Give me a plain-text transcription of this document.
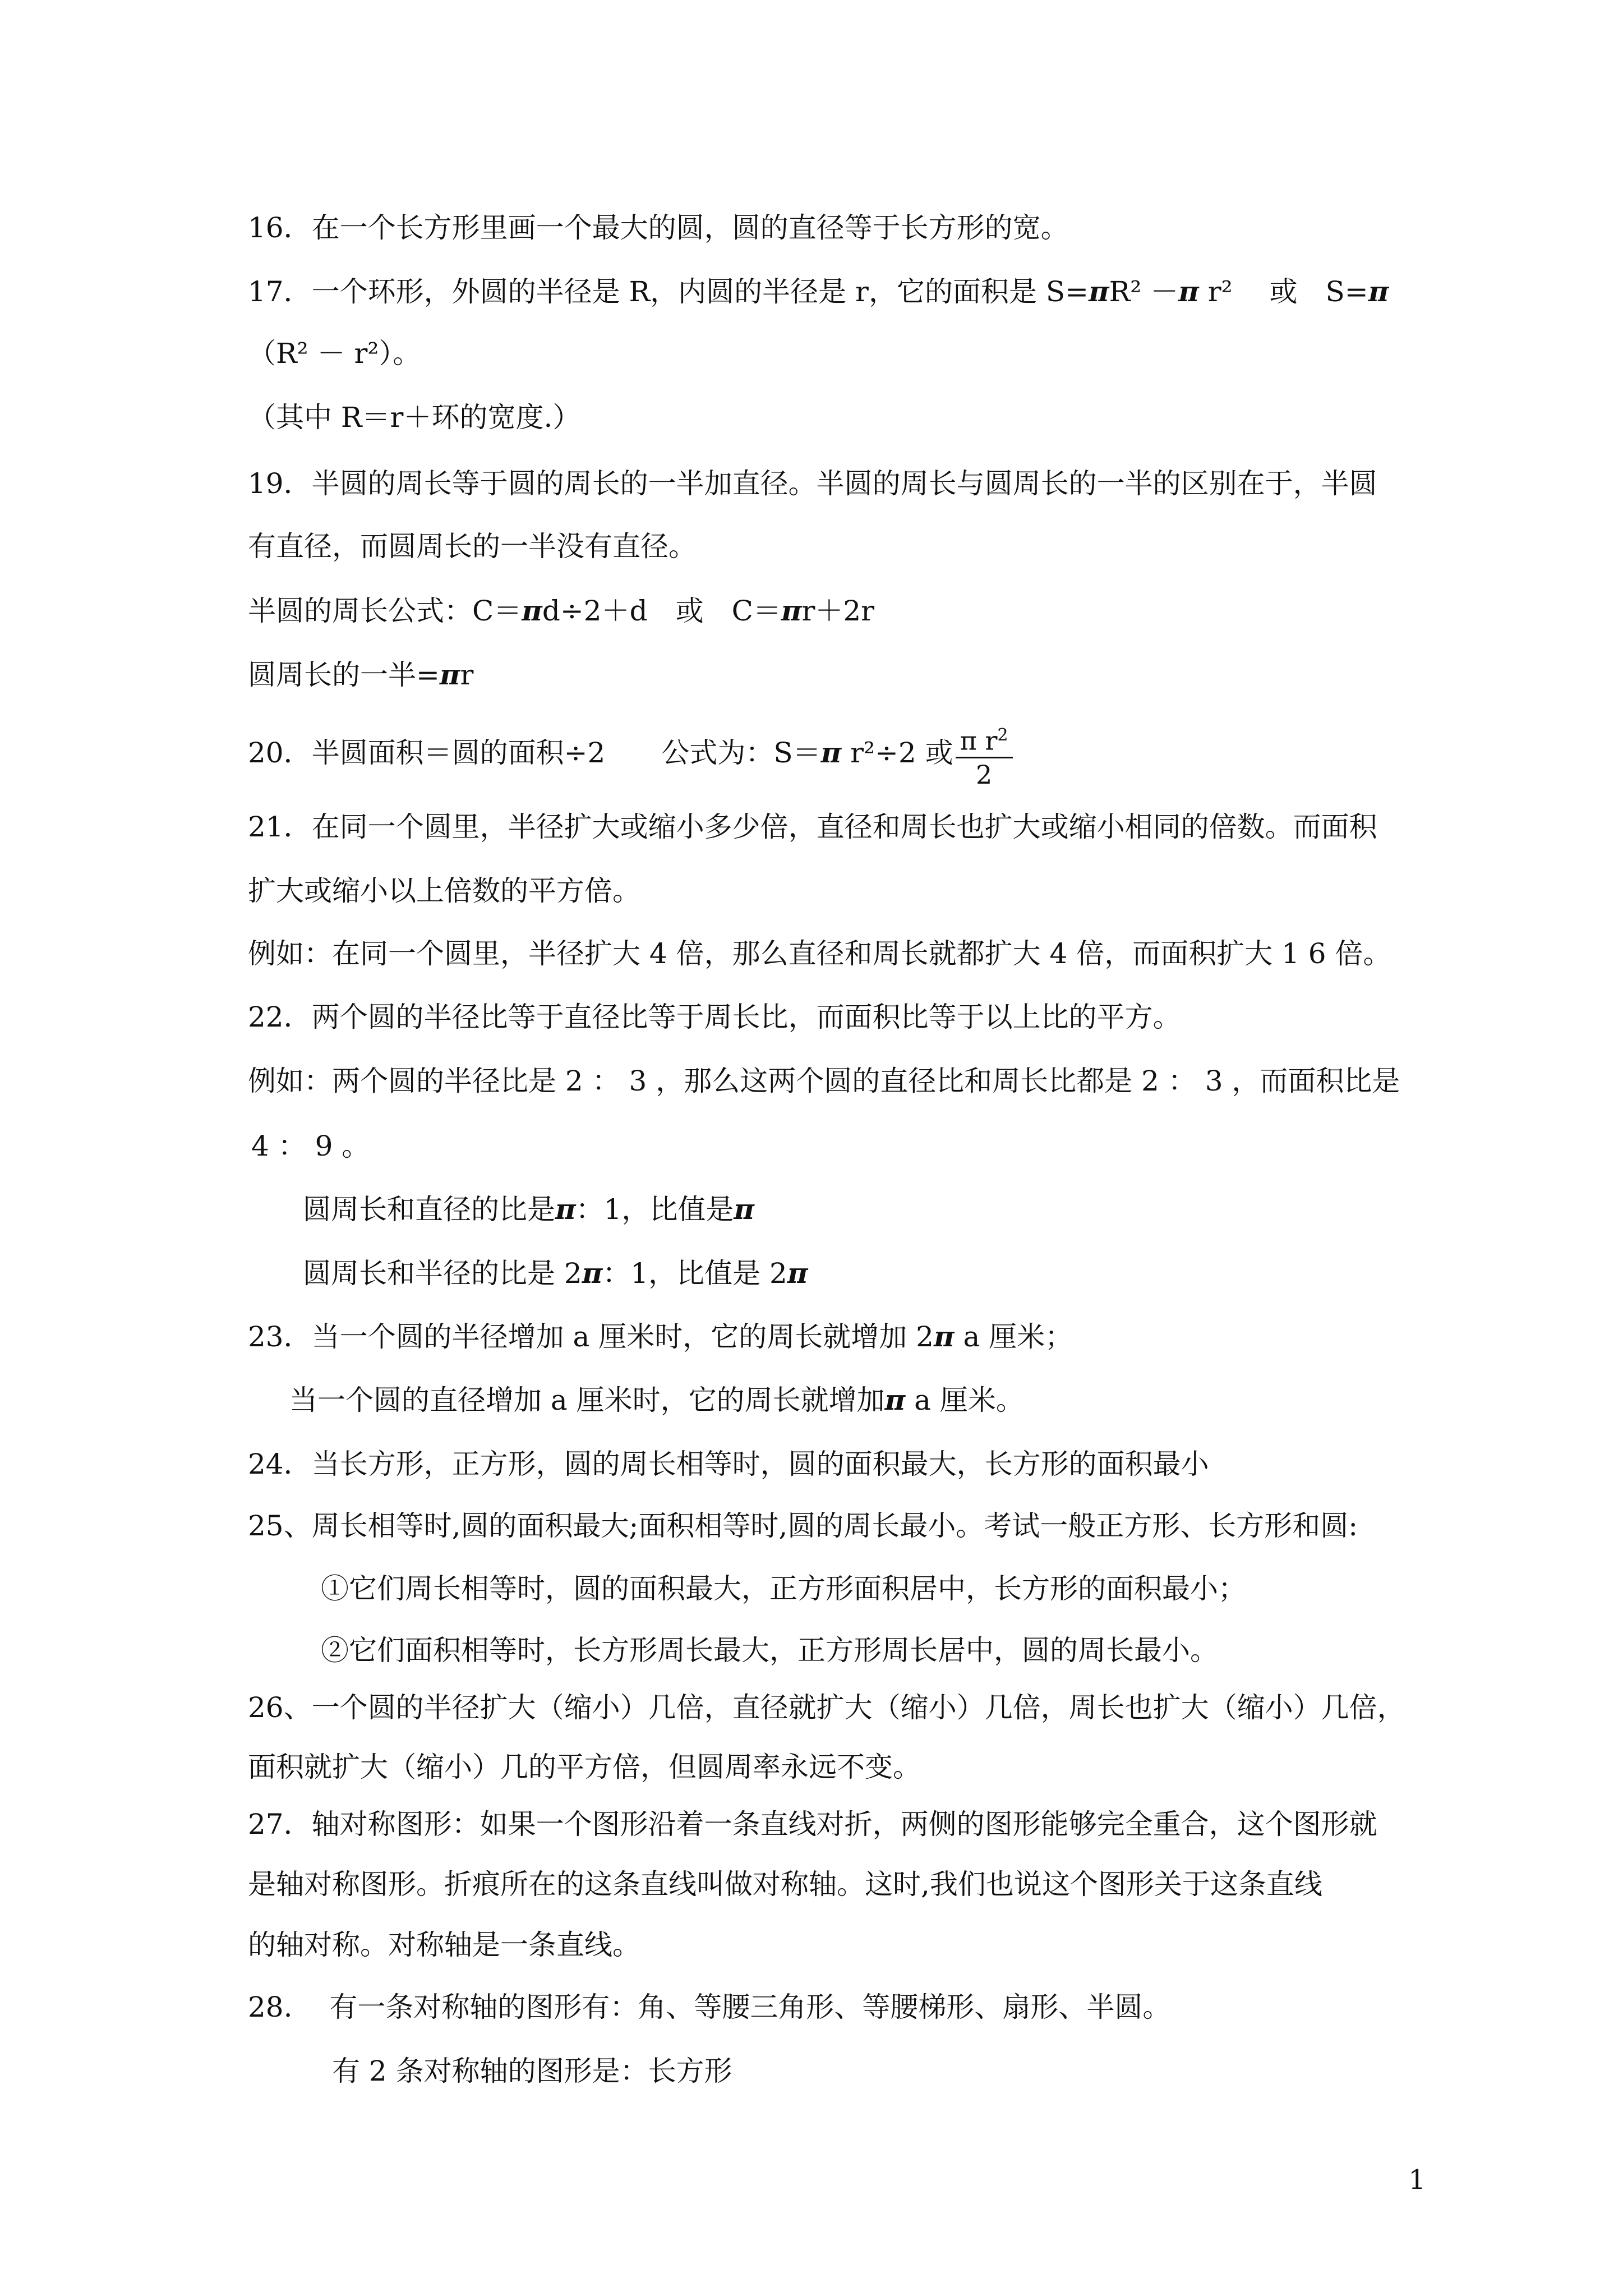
16．在一个长方形里画一个最大的圆，圆的直径等于长方形的宽。

17．一个环形，外圆的半径是 R，内圆的半径是 r，它的面积是 S=πR² －π r²　 或　S=π

（R² － r²）。

（其中 R＝r＋环的宽度.）

19．半圆的周长等于圆的周长的一半加直径。半圆的周长与圆周长的一半的区别在于，半圆

有直径，而圆周长的一半没有直径。

半圆的周长公式：C＝πd÷2＋d　或　C＝πr＋2r

圆周长的一半=πr

20．半圆面积＝圆的面积÷2　　公式为：S＝π r²÷2 或 $\frac{\pi r^2}{2}$

21．在同一个圆里，半径扩大或缩小多少倍，直径和周长也扩大或缩小相同的倍数。而面积

扩大或缩小以上倍数的平方倍。

例如：在同一个圆里，半径扩大 4 倍，那么直径和周长就都扩大 4 倍，而面积扩大 1 6 倍。

22．两个圆的半径比等于直径比等于周长比，而面积比等于以上比的平方。

例如：两个圆的半径比是 2 ： 3 ，那么这两个圆的直径比和周长比都是 2 ： 3 ，而面积比是

4 ： 9 。

圆周长和直径的比是π：1，比值是π

圆周长和半径的比是 2π：1，比值是 2π

23．当一个圆的半径增加 a 厘米时，它的周长就增加 2π a 厘米；

当一个圆的直径增加 a 厘米时，它的周长就增加π a 厘米。

24．当长方形，正方形，圆的周长相等时，圆的面积最大，长方形的面积最小

25、周长相等时,圆的面积最大;面积相等时,圆的周长最小。考试一般正方形、长方形和圆:

①它们周长相等时，圆的面积最大，正方形面积居中，长方形的面积最小；

②它们面积相等时，长方形周长最大，正方形周长居中，圆的周长最小。

26、一个圆的半径扩大（缩小）几倍，直径就扩大（缩小）几倍，周长也扩大（缩小）几倍，

面积就扩大（缩小）几的平方倍，但圆周率永远不变。

27．轴对称图形：如果一个图形沿着一条直线对折，两侧的图形能够完全重合，这个图形就

是轴对称图形。折痕所在的这条直线叫做对称轴。这时,我们也说这个图形关于这条直线

的轴对称。对称轴是一条直线。

28.　 有一条对称轴的图形有：角、等腰三角形、等腰梯形、扇形、半圆。

有 2 条对称轴的图形是：长方形

1
